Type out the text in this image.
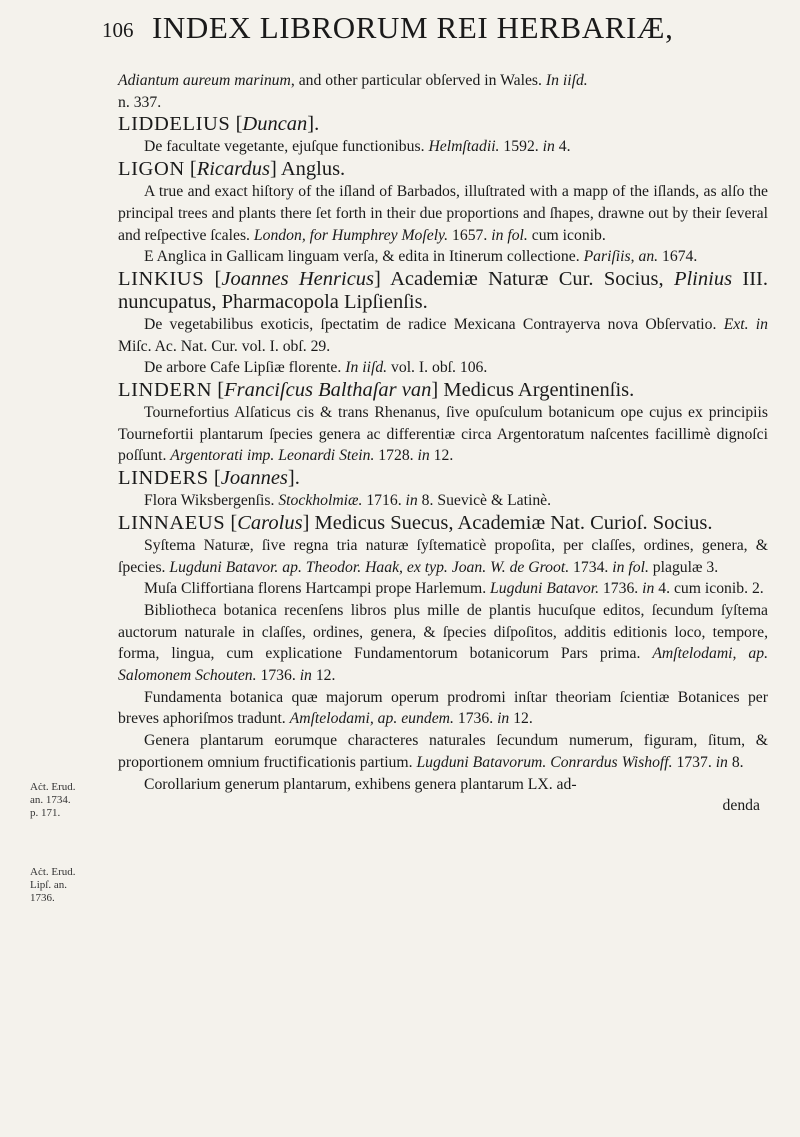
106 INDEX LIBRORUM REI HERBARIÆ,
Aċt. Erud.
an. 1734.
p. 171.
Aċt. Erud.
Lipſ. an.
1736.

Adiantum aureum marinum, and other particular obſerved in Wales. In iiſd.
n. 337.

LIDDELIUS [Duncan].

De facultate vegetante, ejuſque functionibus. Helmſtadii. 1592. in 4.

LIGON [Ricardus] Anglus.

A true and exact hiſtory of the iſland of Barbados, illuſtrated with a mapp of the iſlands, as alſo the principal trees and plants there ſet forth in their due proportions and ſhapes, drawne out by their ſeveral and reſpective ſcales. London, for Humphrey Moſely. 1657. in fol. cum iconib.

E Anglica in Gallicam linguam verſa, & edita in Itinerum collectione. Pariſiis, an. 1674.

LINKIUS [Joannes Henricus] Academiæ Naturæ Cur. Socius, Plinius III. nuncupatus, Pharmacopola Lipſienſis.

De vegetabilibus exoticis, ſpectatim de radice Mexicana Contrayerva nova Obſervatio. Ext. in Miſc. Ac. Nat. Cur. vol. I. obſ. 29.

De arbore Cafe Lipſiæ florente. In iiſd. vol. I. obſ. 106.

LINDERN [Franciſcus Balthaſar van] Medicus Argentinenſis.

Tournefortius Alſaticus cis & trans Rhenanus, ſive opuſculum botanicum ope cujus ex principiis Tournefortii plantarum ſpecies genera ac differentiæ circa Argentoratum naſcentes facillimè dignoſci poſſunt. Argentorati imp. Leonardi Stein. 1728. in 12.

LINDERS [Joannes].

Flora Wiksbergenſis. Stockholmiæ. 1716. in 8. Suevicè & Latinè.

LINNAEUS [Carolus] Medicus Suecus, Academiæ Nat. Curioſ. Socius.

Syſtema Naturæ, ſive regna tria naturæ ſyſtematicè propoſita, per claſſes, ordines, genera, & ſpecies. Lugduni Batavor. ap. Theodor. Haak, ex typ. Joan. W. de Groot. 1734. in fol. plagulæ 3.

Muſa Cliffortiana florens Hartcampi prope Harlemum. Lugduni Batavor. 1736. in 4. cum iconib. 2.

Bibliotheca botanica recenſens libros plus mille de plantis hucuſque editos, ſecundum ſyſtema auctorum naturale in claſſes, ordines, genera, & ſpecies diſpoſitos, additis editionis loco, tempore, forma, lingua, cum explicatione Fundamentorum botanicorum Pars prima. Amſtelodami, ap. Salomonem Schouten. 1736. in 12.

Fundamenta botanica quæ majorum operum prodromi inſtar theoriam ſcientiæ Botanices per breves aphoriſmos tradunt. Amſtelodami, ap. eundem. 1736. in 12.

Genera plantarum eorumque characteres naturales ſecundum numerum, figuram, ſitum, & proportionem omnium fructificationis partium. Lugduni Batavorum. Conrardus Wishoff. 1737. in 8.

Corollarium generum plantarum, exhibens genera plantarum LX. ad-

denda
